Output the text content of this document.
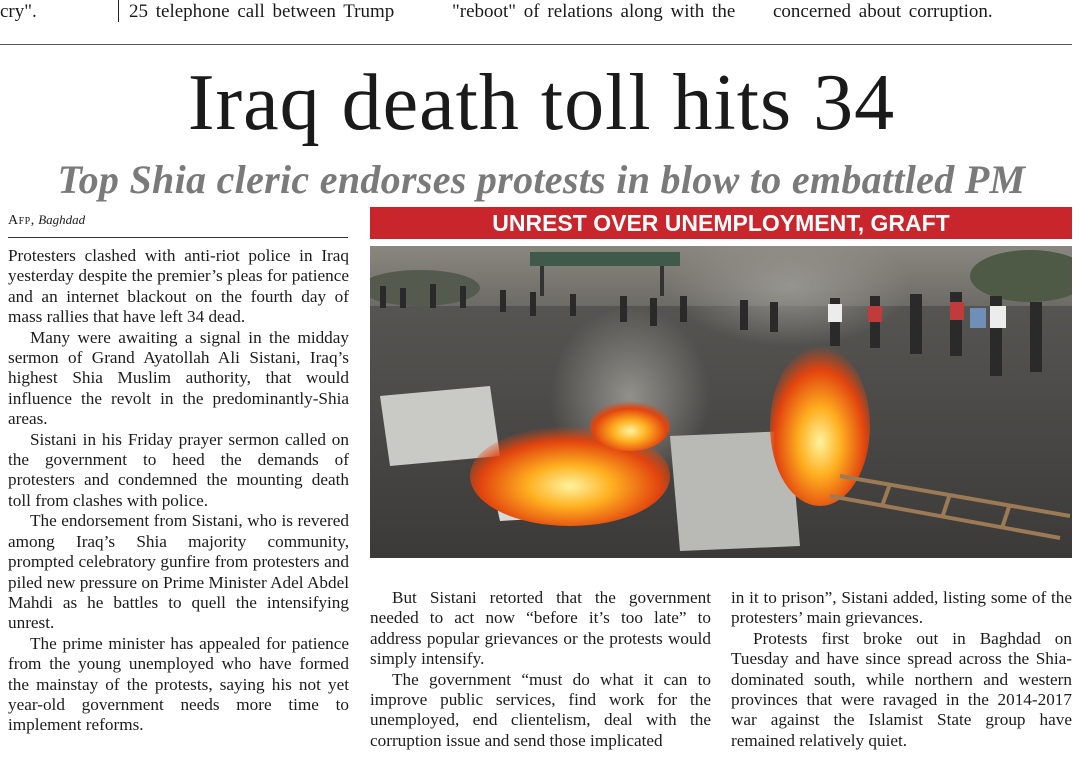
cry".	25 telephone call between Trump	"reboot" of relations along with the	concerned about corruption.
Iraq death toll hits 34
Top Shia cleric endorses protests in blow to embattled PM
Afp, Baghdad

Protesters clashed with anti-riot police in Iraq yesterday despite the premier’s pleas for patience and an internet blackout on the fourth day of mass rallies that have left 34 dead.

Many were awaiting a signal in the midday sermon of Grand Ayatollah Ali Sistani, Iraq’s highest Shia Muslim authority, that would influence the revolt in the predominantly-Shia areas.

Sistani in his Friday prayer sermon called on the government to heed the demands of protesters and condemned the mounting death toll from clashes with police.

The endorsement from Sistani, who is revered among Iraq’s Shia majority community, prompted celebratory gunfire from protesters and piled new pressure on Prime Minister Adel Abdel Mahdi as he battles to quell the intensifying unrest.

The prime minister has appealed for patience from the young unemployed who have formed the mainstay of the protests, saying his not yet year-old government needs more time to implement reforms.

UNREST OVER UNEMPLOYMENT, GRAFT

But Sistani retorted that the government needed to act now “before it’s too late” to address popular grievances or the protests would simply intensify.

The government “must do what it can to improve public services, find work for the unemployed, end clientelism, deal with the corruption issue and send those implicated

in it to prison”, Sistani added, listing some of the protesters’ main grievances.

Protests first broke out in Baghdad on Tuesday and have since spread across the Shia-dominated south, while northern and western provinces that were ravaged in the 2014-2017 war against the Islamist State group have remained relatively quiet.
